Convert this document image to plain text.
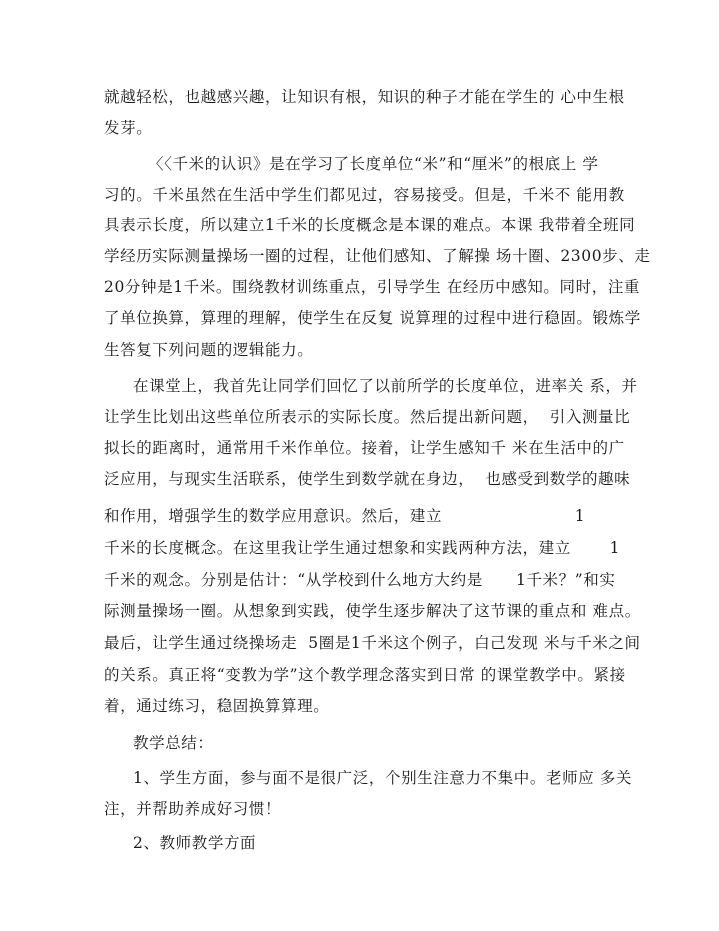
就越轻松，也越感兴趣，让知识有根，知识的种子才能在学生的 心中生根
发芽。
〈〈千米的认识》是在学习了长度单位“米”和“厘米”的根底上 学
习的。千米虽然在生活中学生们都见过，容易接受。但是，千米不 能用教
具表示长度，所以建立1千米的长度概念是本课的难点。本课 我带着全班同
学经历实际测量操场一圈的过程，让他们感知、了解操 场十圈、2300步、走
20分钟是1千米。围绕教材训练重点，引导学生 在经历中感知。同时，注重
了单位换算，算理的理解，使学生在反复 说算理的过程中进行稳固。锻炼学
生答复下列问题的逻辑能力。
在课堂上，我首先让同学们回忆了以前所学的长度单位，进率关 系，并
让学生比划出这些单位所表示的实际长度。然后提出新问题，  引入测量比
拟长的距离时，通常用千米作单位。接着，让学生感知千 米在生活中的广
泛应用，与现实生活联系，使学生到数学就在身边，  也感受到数学的趣味
和作用，增强学生的数学应用意识。然后，建立                        1
千米的长度概念。在这里我让学生通过想象和实践两种方法，建立       1
千米的观念。分别是估计：“从学校到什么地方大约是      1千米？”和实
际测量操场一圈。从想象到实践，使学生逐步解决了这节课的重点和 难点。
最后，让学生通过绕操场走  5圈是1千米这个例子，白己发现 米与千米之间
的关系。真正将“变教为学”这个教学理念落实到日常 的课堂教学中。紧接
着，通过练习，稳固换算算理。
教学总结：
1、学生方面，参与面不是很广泛，个别生注意力不集中。老师应 多关
注，并帮助养成好习惯！
2、教师教学方面
